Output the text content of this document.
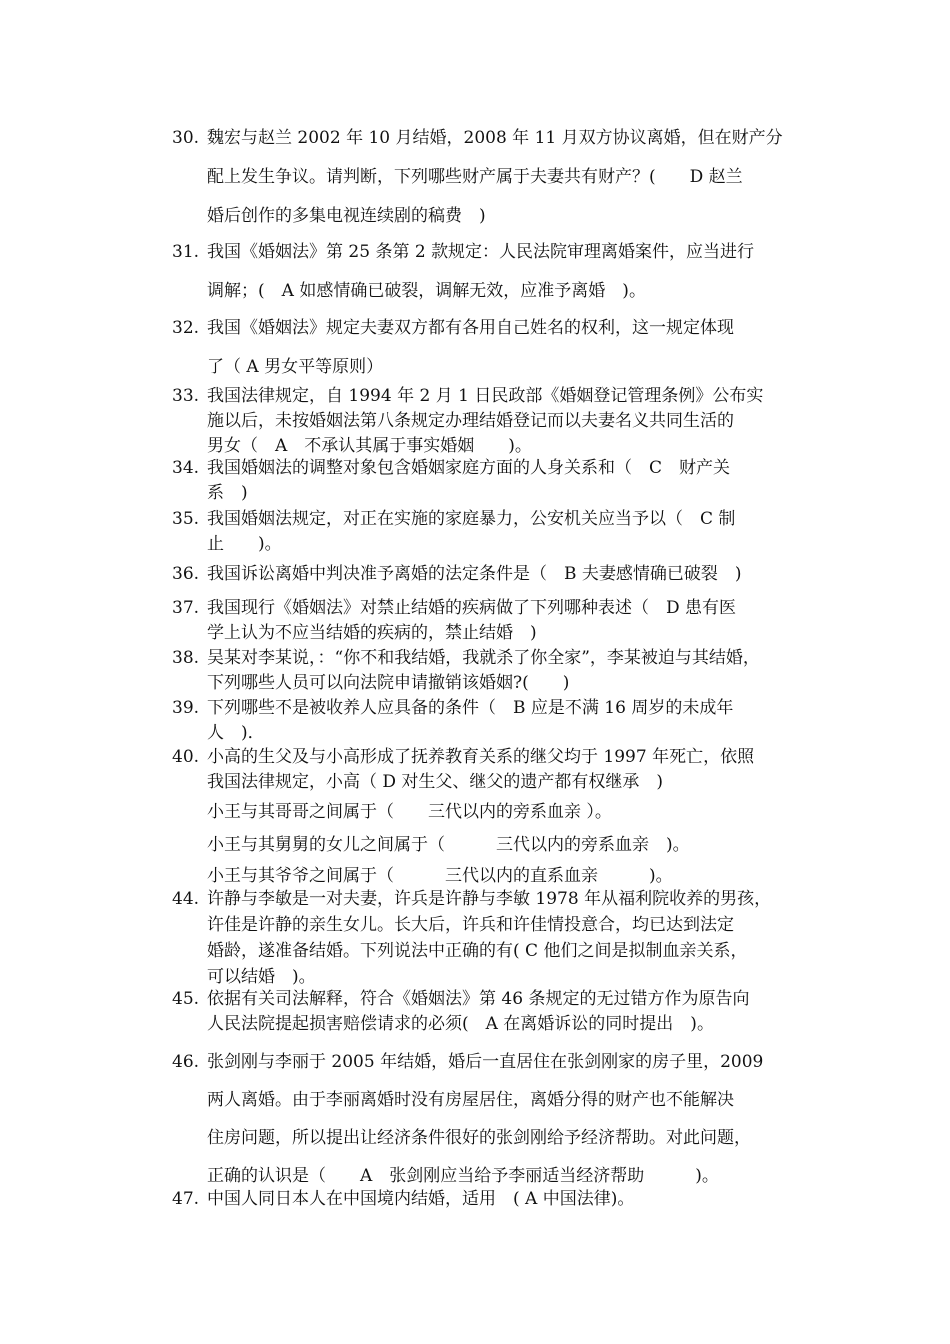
30. 魏宏与赵兰 2002 年 10 月结婚，2008 年 11 月双方协议离婚，但在财产分
配上发生争议。请判断，下列哪些财产属于夫妻共有财产？(　　D 赵兰
婚后创作的多集电视连续剧的稿费　)
31. 我国《婚姻法》第 25 条第 2 款规定：人民法院审理离婚案件，应当进行
调解；(　A 如感情确已破裂，调解无效，应准予离婚　)。
32. 我国《婚姻法》规定夫妻双方都有各用自己姓名的权利，这一规定体现
了（ A 男女平等原则）
33. 我国法律规定，自 1994 年 2 月 1 日民政部《婚姻登记管理条例》公布实
施以后，未按婚姻法第八条规定办理结婚登记而以夫妻名义共同生活的
男女（　A　不承认其属于事实婚姻　　)。
34. 我国婚姻法的调整对象包含婚姻家庭方面的人身关系和（　C　财产关
系　)
35. 我国婚姻法规定，对正在实施的家庭暴力，公安机关应当予以（　C 制
止　　)。
36. 我国诉讼离婚中判决准予离婚的法定条件是（　B 夫妻感情确已破裂　)
37. 我国现行《婚姻法》对禁止结婚的疾病做了下列哪种表述（　D 患有医
学上认为不应当结婚的疾病的，禁止结婚　)
38. 吴某对李某说，：“你不和我结婚，我就杀了你全家”，李某被迫与其结婚，
下列哪些人员可以向法院申请撤销该婚姻?(　　)
39. 下列哪些不是被收养人应具备的条件（　B 应是不满 16 周岁的未成年
人　)．
40. 小高的生父及与小高形成了抚养教育关系的继父均于 1997 年死亡，依照
我国法律规定，小高（ D 对生父、继父的遗产都有权继承　)
小王与其哥哥之间属于（　　三代以内的旁系血亲 ）。
小王与其舅舅的女儿之间属于（　　　三代以内的旁系血亲　)。
小王与其爷爷之间属于（　　　三代以内的直系血亲　　　)。
44. 许静与李敏是一对夫妻，许兵是许静与李敏 1978 年从福利院收养的男孩，
许佳是许静的亲生女儿。长大后，许兵和许佳情投意合，均已达到法定
婚龄，遂准备结婚。下列说法中正确的有( C 他们之间是拟制血亲关系，
可以结婚　)。
45. 依据有关司法解释，符合《婚姻法》第 46 条规定的无过错方作为原告向
人民法院提起损害赔偿请求的必须(　A 在离婚诉讼的同时提出　)。
46. 张剑刚与李丽于 2005 年结婚，婚后一直居住在张剑刚家的房子里，2009
两人离婚。由于李丽离婚时没有房屋居住，离婚分得的财产也不能解决
住房问题，所以提出让经济条件很好的张剑刚给予经济帮助。对此问题，
正确的认识是（　　A　张剑刚应当给予李丽适当经济帮助　　　)。
47. 中国人同日本人在中国境内结婚，适用　( A 中国法律)。
